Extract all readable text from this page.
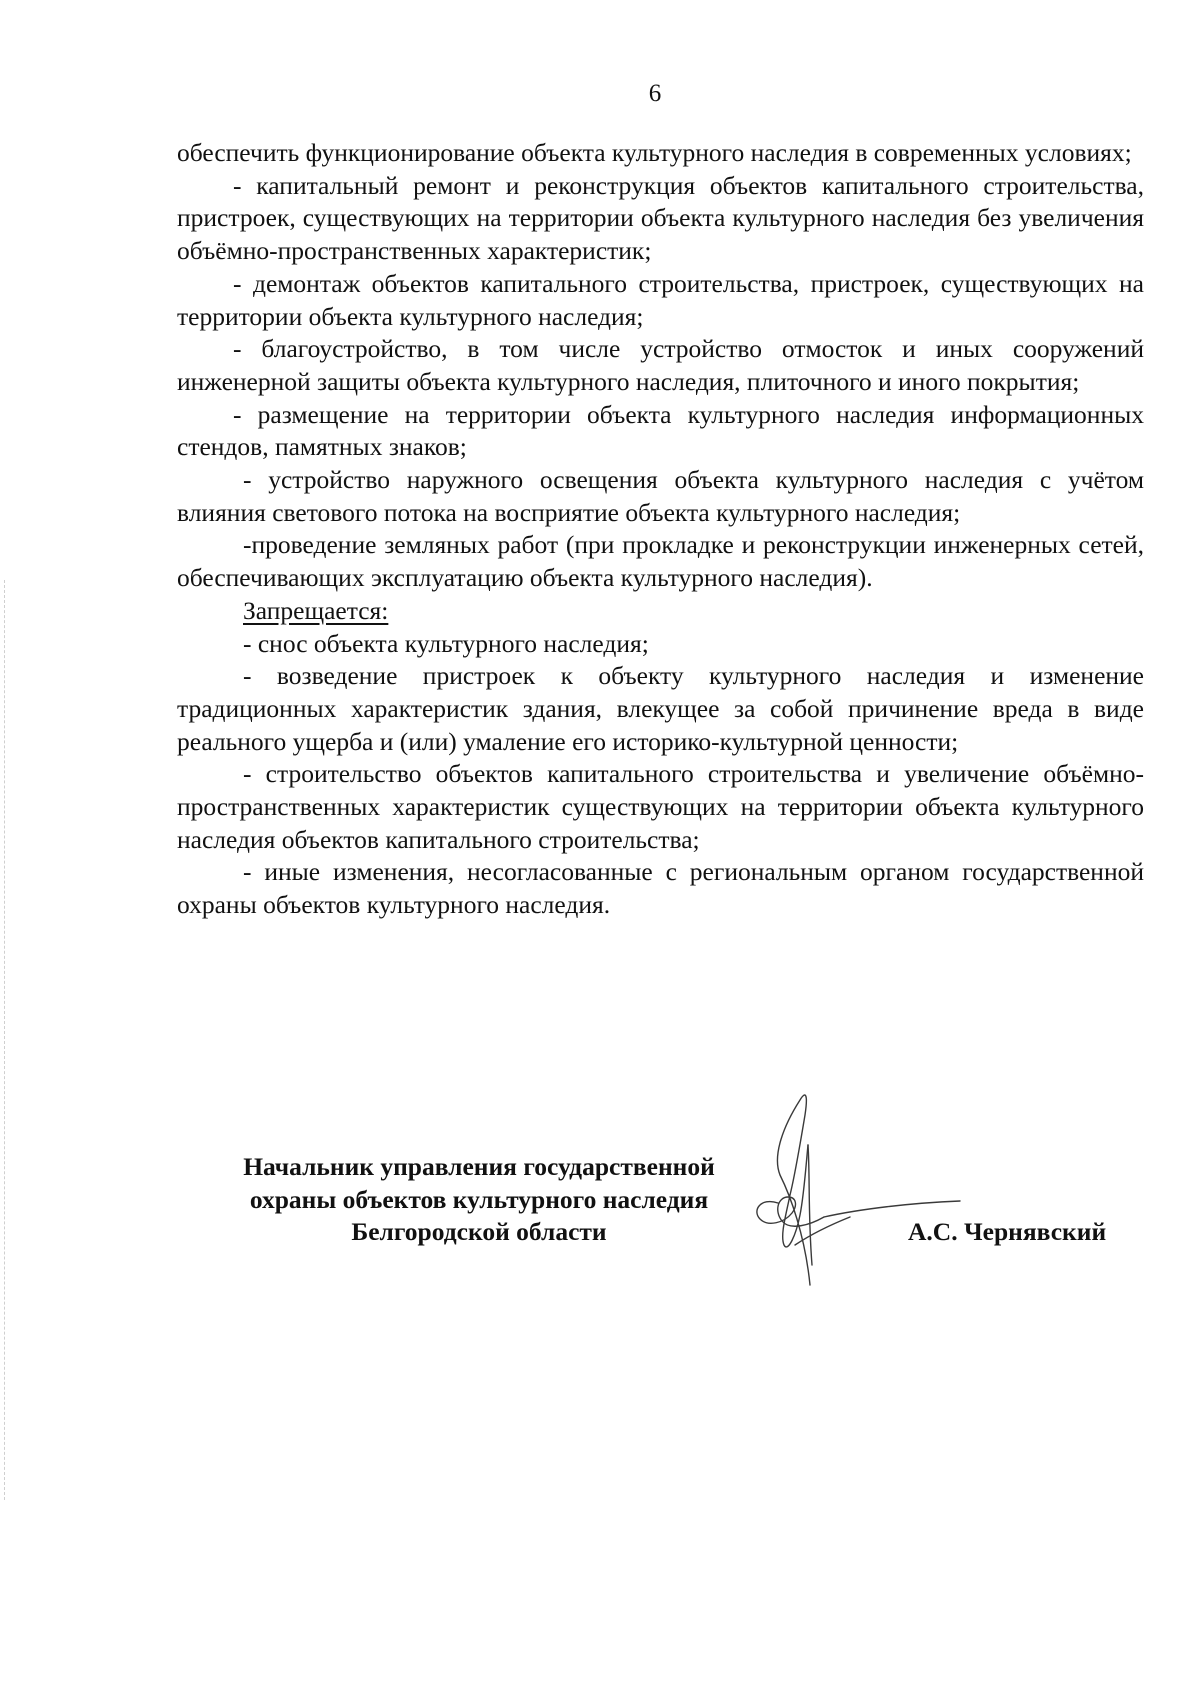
6

обеспечить функционирование объекта культурного наследия в современных условиях;

- капитальный ремонт и реконструкция объектов капитального строительства, пристроек, существующих на территории объекта культурного наследия без увеличения объёмно-пространственных характеристик;

- демонтаж объектов капитального строительства, пристроек, существующих на территории объекта культурного наследия;

- благоустройство, в том числе устройство отмосток и иных сооружений инженерной защиты объекта культурного наследия, плиточного и иного покрытия;

- размещение на территории объекта культурного наследия информационных стендов, памятных знаков;

- устройство наружного освещения объекта культурного наследия с учётом влияния светового потока на восприятие объекта культурного наследия;

-проведение земляных работ (при прокладке и реконструкции инженерных сетей, обеспечивающих эксплуатацию объекта культурного наследия).

Запрещается:

- снос объекта культурного наследия;

- возведение пристроек к объекту культурного наследия и изменение традиционных характеристик здания, влекущее за собой причинение вреда в виде реального ущерба и (или) умаление его историко-культурной ценности;

- строительство объектов капитального строительства и увеличение объёмно-пространственных характеристик существующих на территории объекта культурного наследия объектов капитального строительства;

- иные изменения, несогласованные с региональным органом государственной охраны объектов культурного наследия.

Начальник управления государственной
охраны объектов культурного наследия
Белгородской области	А.С. Чернявский
